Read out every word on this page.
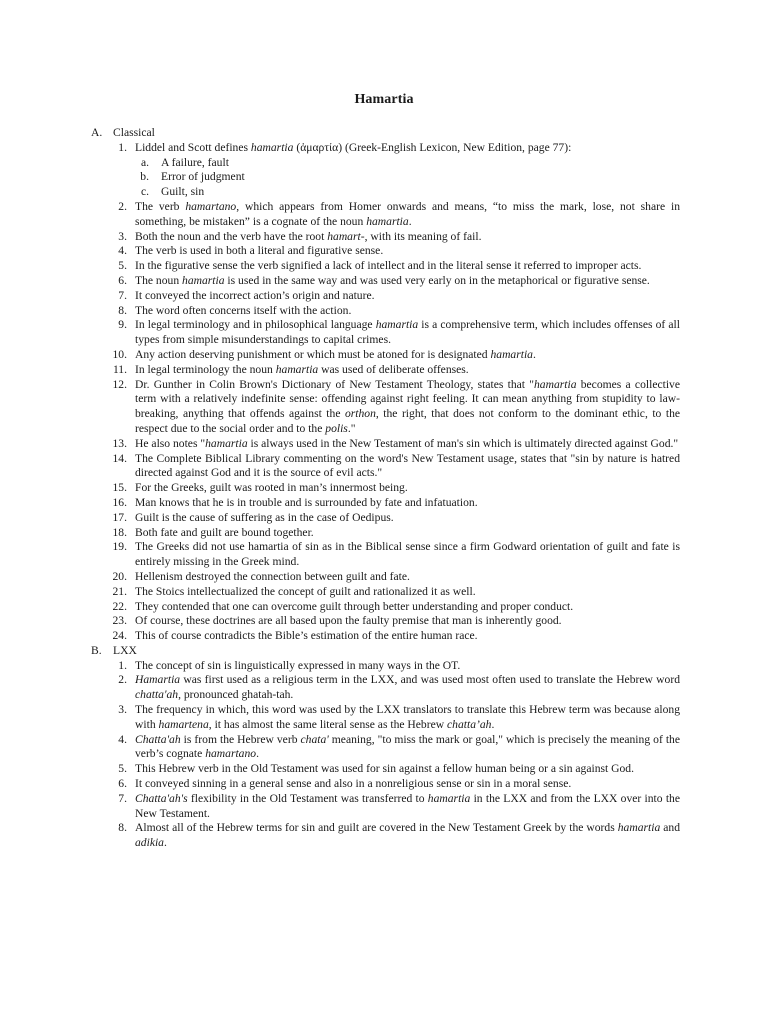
Hamartia
A. Classical
1. Liddel and Scott defines hamartia (ἁμαρτία) (Greek-English Lexicon, New Edition, page 77):
a.	A failure, fault
b.	Error of judgment
c.	Guilt, sin
2. The verb hamartano, which appears from Homer onwards and means, “to miss the mark, lose, not share in something, be mistaken” is a cognate of the noun hamartia.
3. Both the noun and the verb have the root hamart-, with its meaning of fail.
4. The verb is used in both a literal and figurative sense.
5. In the figurative sense the verb signified a lack of intellect and in the literal sense it referred to improper acts.
6. The noun hamartia is used in the same way and was used very early on in the metaphorical or figurative sense.
7. It conveyed the incorrect action’s origin and nature.
8. The word often concerns itself with the action.
9. In legal terminology and in philosophical language hamartia is a comprehensive term, which includes offenses of all types from simple misunderstandings to capital crimes.
10. Any action deserving punishment or which must be atoned for is designated hamartia.
11. In legal terminology the noun hamartia was used of deliberate offenses.
12. Dr. Gunther in Colin Brown's Dictionary of New Testament Theology, states that "hamartia becomes a collective term with a relatively indefinite sense: offending against right feeling. It can mean anything from stupidity to law-breaking, anything that offends against the orthon, the right, that does not conform to the dominant ethic, to the respect due to the social order and to the polis."
13. He also notes "hamartia is always used in the New Testament of man's sin which is ultimately directed against God."
14. The Complete Biblical Library commenting on the word's New Testament usage, states that "sin by nature is hatred directed against God and it is the source of evil acts."
15. For the Greeks, guilt was rooted in man’s innermost being.
16. Man knows that he is in trouble and is surrounded by fate and infatuation.
17. Guilt is the cause of suffering as in the case of Oedipus.
18. Both fate and guilt are bound together.
19. The Greeks did not use hamartia of sin as in the Biblical sense since a firm Godward orientation of guilt and fate is entirely missing in the Greek mind.
20. Hellenism destroyed the connection between guilt and fate.
21. The Stoics intellectualized the concept of guilt and rationalized it as well.
22. They contended that one can overcome guilt through better understanding and proper conduct.
23. Of course, these doctrines are all based upon the faulty premise that man is inherently good.
24. This of course contradicts the Bible’s estimation of the entire human race.
B. LXX
1. The concept of sin is linguistically expressed in many ways in the OT.
2. Hamartia was first used as a religious term in the LXX, and was used most often used to translate the Hebrew word chatta'ah, pronounced ghatah-tah.
3. The frequency in which, this word was used by the LXX translators to translate this Hebrew term was because along with hamartena, it has almost the same literal sense as the Hebrew chatta’ah.
4. Chatta'ah is from the Hebrew verb chata' meaning, "to miss the mark or goal," which is precisely the meaning of the verb’s cognate hamartano.
5. This Hebrew verb in the Old Testament was used for sin against a fellow human being or a sin against God.
6. It conveyed sinning in a general sense and also in a nonreligious sense or sin in a moral sense.
7. Chatta'ah's flexibility in the Old Testament was transferred to hamartia in the LXX and from the LXX over into the New Testament.
8. Almost all of the Hebrew terms for sin and guilt are covered in the New Testament Greek by the words hamartia and adikia.
